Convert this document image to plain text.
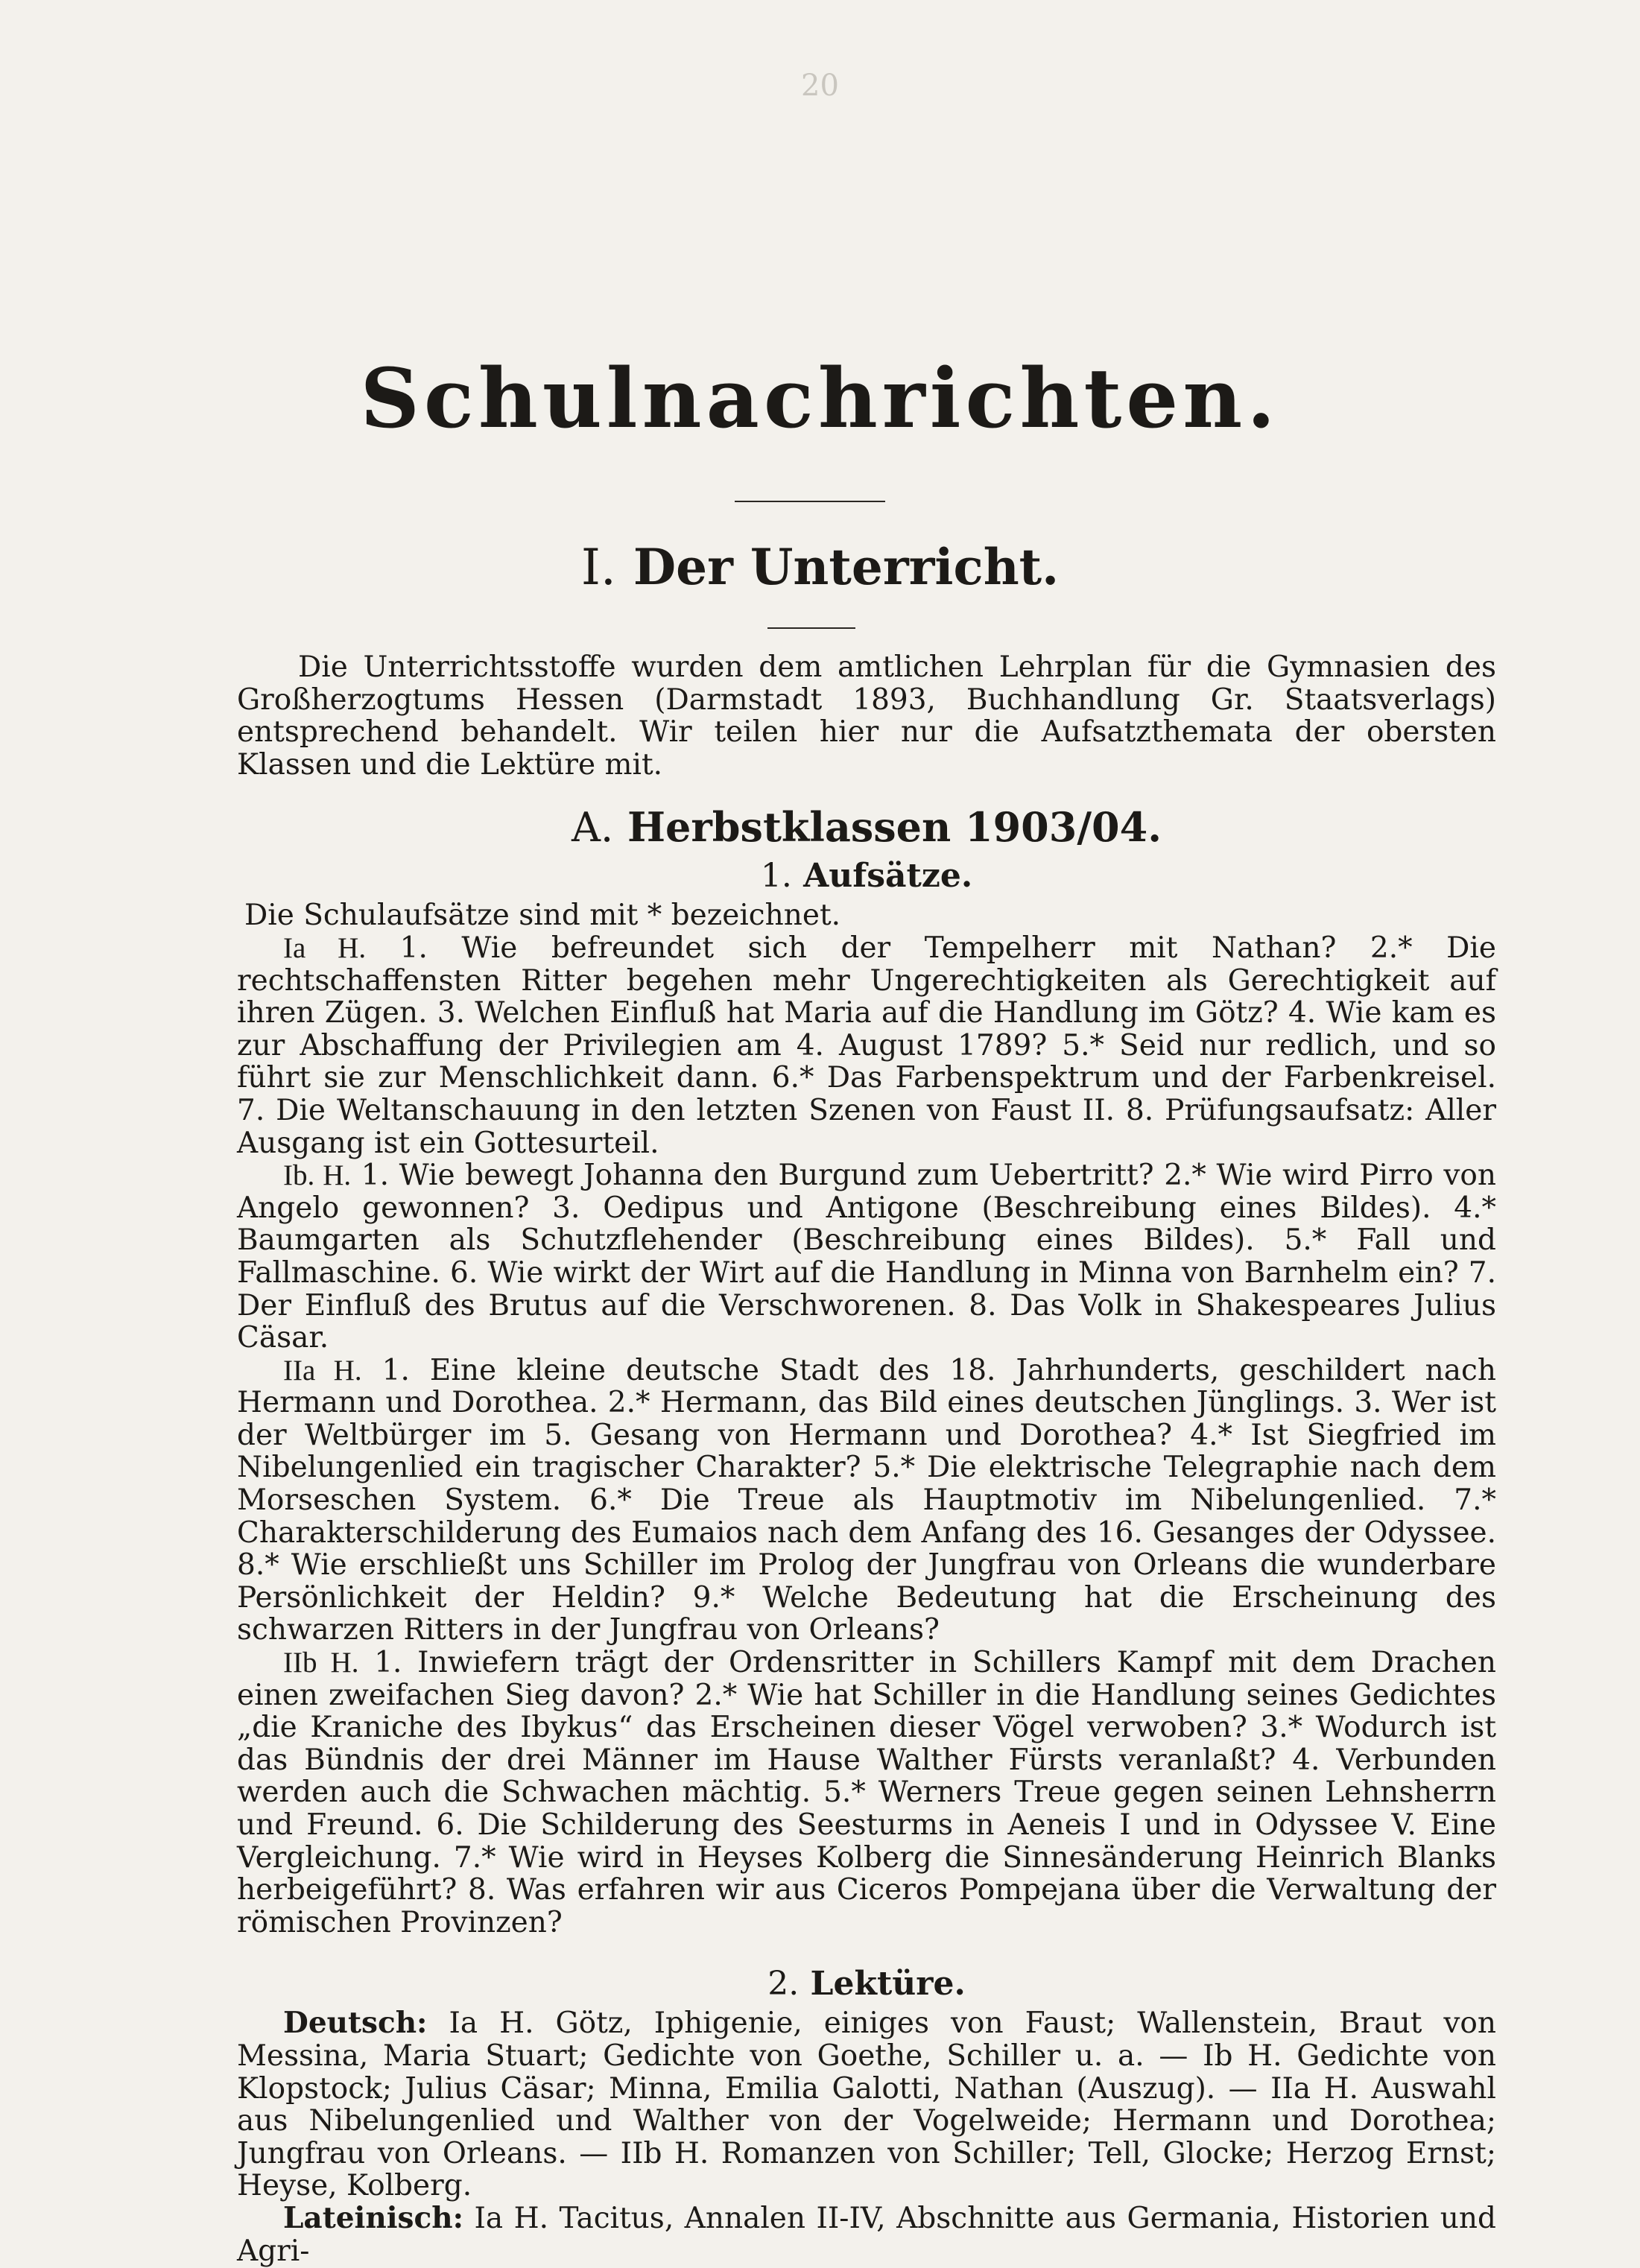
20
Schulnachrichten.
I. Der Unterricht.

Die Unterrichtsstoffe wurden dem amtlichen Lehrplan für die Gymnasien des Großherzogtums Hessen (Darmstadt 1893, Buchhandlung Gr. Staatsverlags) entsprechend behandelt. Wir teilen hier nur die Aufsatzthemata der obersten Klassen und die Lektüre mit.

A. Herbstklassen 1903/04.
1. Aufsätze.

Die Schulaufsätze sind mit * bezeichnet.

Ia H. 1. Wie befreundet sich der Tempelherr mit Nathan? 2.* Die rechtschaffensten Ritter begehen mehr Ungerechtigkeiten als Gerechtigkeit auf ihren Zügen. 3. Welchen Einfluß hat Maria auf die Handlung im Götz? 4. Wie kam es zur Abschaffung der Privilegien am 4. August 1789? 5.* Seid nur redlich, und so führt sie zur Menschlichkeit dann. 6.* Das Farbenspektrum und der Farbenkreisel. 7. Die Weltanschauung in den letzten Szenen von Faust II. 8. Prüfungsaufsatz: Aller Ausgang ist ein Gottesurteil.

Ib. H. 1. Wie bewegt Johanna den Burgund zum Uebertritt? 2.* Wie wird Pirro von Angelo gewonnen? 3. Oedipus und Antigone (Beschreibung eines Bildes). 4.* Baumgarten als Schutzflehender (Beschreibung eines Bildes). 5.* Fall und Fallmaschine. 6. Wie wirkt der Wirt auf die Handlung in Minna von Barnhelm ein? 7. Der Einfluß des Brutus auf die Verschworenen. 8. Das Volk in Shakespeares Julius Cäsar.

IIa H. 1. Eine kleine deutsche Stadt des 18. Jahrhunderts, geschildert nach Hermann und Dorothea. 2.* Hermann, das Bild eines deutschen Jünglings. 3. Wer ist der Weltbürger im 5. Gesang von Hermann und Dorothea? 4.* Ist Siegfried im Nibelungenlied ein tragischer Charakter? 5.* Die elektrische Telegraphie nach dem Morseschen System. 6.* Die Treue als Hauptmotiv im Nibelungenlied. 7.* Charakterschilderung des Eumaios nach dem Anfang des 16. Gesanges der Odyssee. 8.* Wie erschließt uns Schiller im Prolog der Jungfrau von Orleans die wunderbare Persönlichkeit der Heldin? 9.* Welche Bedeutung hat die Erscheinung des schwarzen Ritters in der Jungfrau von Orleans?

IIb H. 1. Inwiefern trägt der Ordensritter in Schillers Kampf mit dem Drachen einen zweifachen Sieg davon? 2.* Wie hat Schiller in die Handlung seines Gedichtes „die Kraniche des Ibykus“ das Erscheinen dieser Vögel verwoben? 3.* Wodurch ist das Bündnis der drei Männer im Hause Walther Fürsts veranlaßt? 4. Verbunden werden auch die Schwachen mächtig. 5.* Werners Treue gegen seinen Lehnsherrn und Freund. 6. Die Schilderung des Seesturms in Aeneis I und in Odyssee V. Eine Vergleichung. 7.* Wie wird in Heyses Kolberg die Sinnesänderung Heinrich Blanks herbeigeführt? 8. Was erfahren wir aus Ciceros Pompejana über die Verwaltung der römischen Provinzen?

2. Lektüre.

Deutsch: Ia H. Götz, Iphigenie, einiges von Faust; Wallenstein, Braut von Messina, Maria Stuart; Gedichte von Goethe, Schiller u. a. — Ib H. Gedichte von Klopstock; Julius Cäsar; Minna, Emilia Galotti, Nathan (Auszug). — IIa H. Auswahl aus Nibelungenlied und Walther von der Vogelweide; Hermann und Dorothea; Jungfrau von Orleans. — IIb H. Romanzen von Schiller; Tell, Glocke; Herzog Ernst; Heyse, Kolberg.

Lateinisch: Ia H. Tacitus, Annalen II-IV, Abschnitte aus Germania, Historien und Agri-
